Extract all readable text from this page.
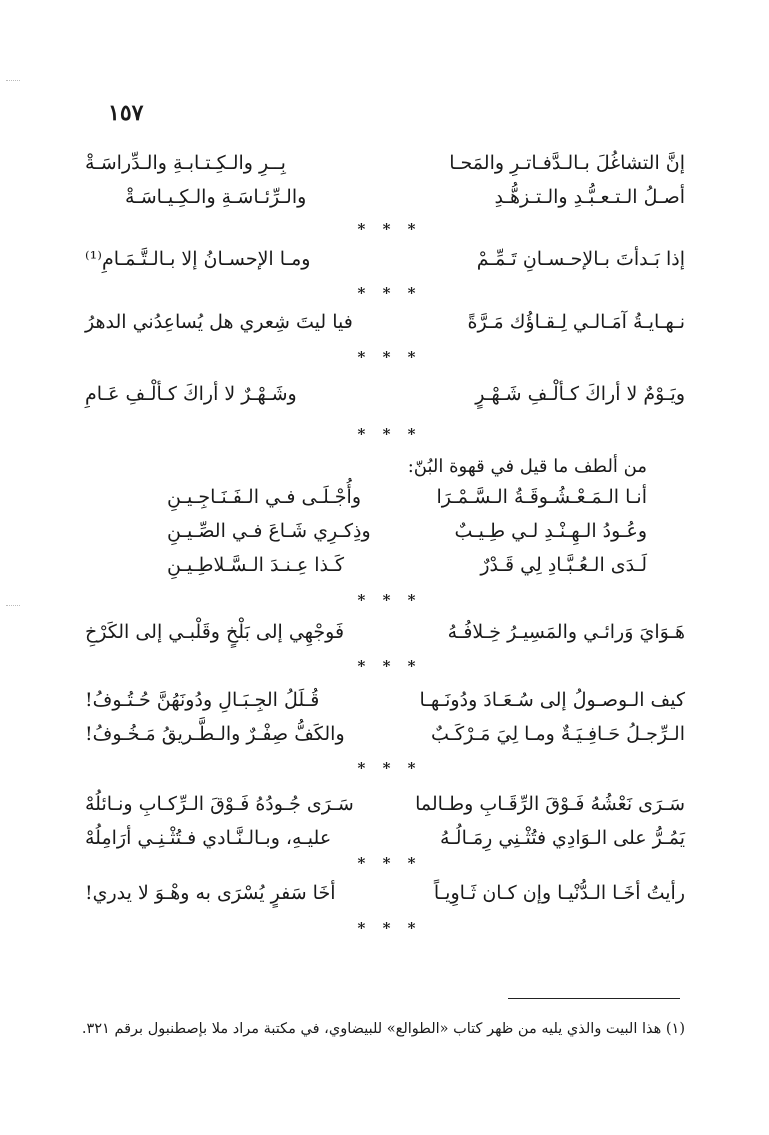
١٥٧
إنَّ التشاغُلَ بـالـدَّفـاتـرِ والمَحـا
بِــرِ والـكِـتـابـةِ والـدِّراسَـةْ
أصـلُ الـتـعـبُّـدِ والـتـزهُّـدِ
والـرِّئـاسَـةِ والـكِـيـاسَـةْ
* * *
إذا بَـدأتَ بـالإحـسـانِ تَـمِّـمْ
ومـا الإحسـانُ إلا بـالـتَّـمَـامِ⁽¹⁾
* * *
نـهـايـةُ آمَـالـي لِـقـاؤُك مَـرَّةً
فيا ليتَ شِعري هل يُساعِدُني الدهرُ
* * *
ويَـوْمٌ لا أراكَ كـألْـفِ شَـهْـرٍ
وشَـهْـرٌ لا أراكَ كـألْـفِ عَـامِ
* * *
من ألطف ما قيل في قهوة البُنّ:
أنـا الـمَـعْـشُـوقَـةُ الـسَّـمْـرَا
وأُجْـلَـى فـي الـفَـنَـاجِـيـنِ
وعُـودُ الـهِـنْـدِ لـي طِـيـبٌ
وذِكـرِي شَـاعَ فـي الصِّـيـنِ
لَـدَى الـعُـبَّـادِ لِي قَـدْرٌ
كَـذا عِـنـدَ الـسَّـلاطِـيـنِ
* * *
هَـوَايَ وَرائـي والمَسِيـرُ خِـلافُـهُ
فَوجْهِي إلى بَلْخٍ وقَلْبـي إلى الكَرْخِ
* * *
كيف الـوصـولُ إلى سُـعَـادَ ودُونَـهـا
قُـلَلُ الجِـبَـالِ ودُونَهُنَّ حُـتُـوفُ!
الـرِّجـلُ حَـافِـيَـةٌ ومـا لِيَ مَـرْكَـبٌ
والكَفُّ صِفْـرٌ والـطَّـريقُ مَـخُـوفُ!
* * *
سَـرَى نَعْشُهُ فَـوْقَ الرِّقَـابِ وطـالما
سَـرَى جُـودُهُ فَـوْقَ الـرِّكـابِ ونـائلُهْ
يَمُـرُّ على الـوَادِي فتُثْـنِي رِمَـالُـهُ
عليـهِ، وبـالـنَّـادي فـتُثْـنِـي أرَامِلُهْ
* * *
رأيتُ أخَـا الـدُّنْيـا وإن كـان ثَـاوِيـاً
أخَا سَفرٍ يُسْرَى به وهْـوَ لا يدري!
* * *
(١) هذا البيت والذي يليه من ظهر كتاب «الطوالع» للبيضاوي، في مكتبة مراد ملا بإصطنبول برقم ٣٢١.
